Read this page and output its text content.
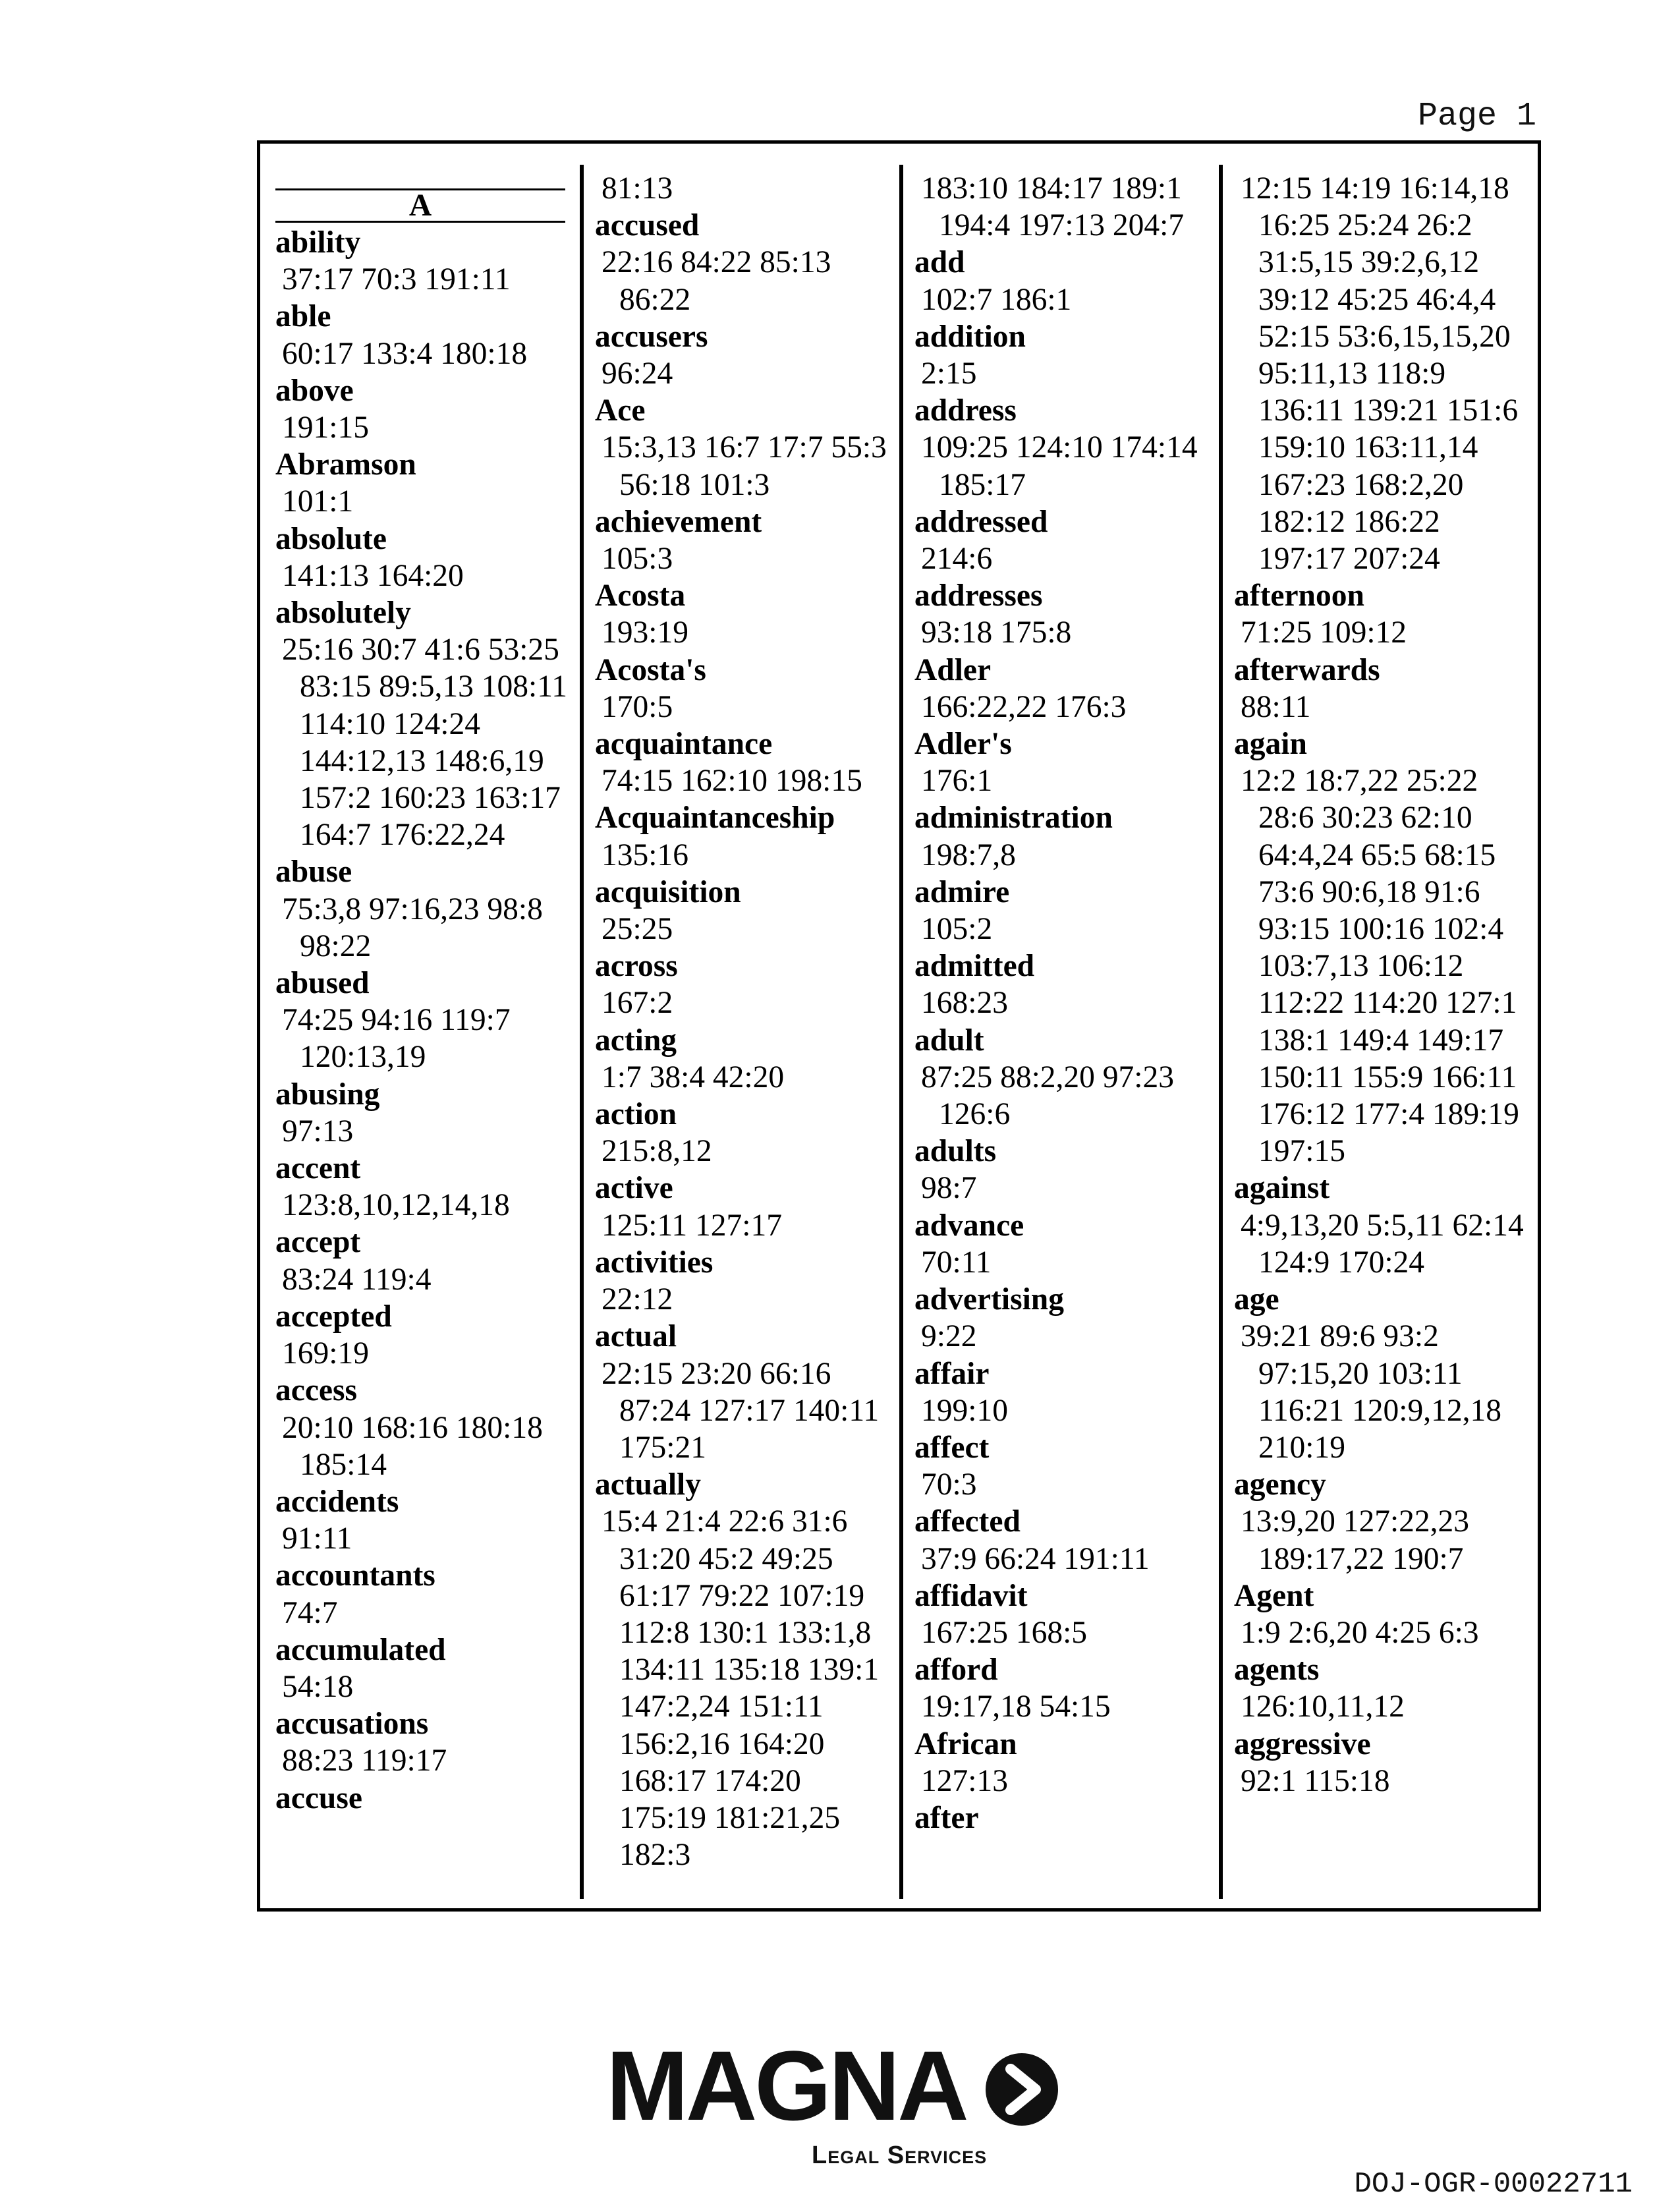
Page 1
A
ability
37:17 70:3 191:11
able
60:17 133:4 180:18
above
191:15
Abramson
101:1
absolute
141:13 164:20
absolutely
25:16 30:7 41:6 53:25 83:15 89:5,13 108:11 114:10 124:24 144:12,13 148:6,19 157:2 160:23 163:17 164:7 176:22,24
abuse
75:3,8 97:16,23 98:8 98:22
abused
74:25 94:16 119:7 120:13,19
abusing
97:13
accent
123:8,10,12,14,18
accept
83:24 119:4
accepted
169:19
access
20:10 168:16 180:18 185:14
accidents
91:11
accountants
74:7
accumulated
54:18
accusations
88:23 119:17
accuse
81:13
accused
22:16 84:22 85:13 86:22
accusers
96:24
Ace
15:3,13 16:7 17:7 55:3 56:18 101:3
achievement
105:3
Acosta
193:19
Acosta's
170:5
acquaintance
74:15 162:10 198:15
Acquaintanceship
135:16
acquisition
25:25
across
167:2
acting
1:7 38:4 42:20
action
215:8,12
active
125:11 127:17
activities
22:12
actual
22:15 23:20 66:16 87:24 127:17 140:11 175:21
actually
15:4 21:4 22:6 31:6 31:20 45:2 49:25 61:17 79:22 107:19 112:8 130:1 133:1,8 134:11 135:18 139:1 147:2,24 151:11 156:2,16 164:20 168:17 174:20 175:19 181:21,25 182:3
183:10 184:17 189:1 194:4 197:13 204:7
add
102:7 186:1
addition
2:15
address
109:25 124:10 174:14 185:17
addressed
214:6
addresses
93:18 175:8
Adler
166:22,22 176:3
Adler's
176:1
administration
198:7,8
admire
105:2
admitted
168:23
adult
87:25 88:2,20 97:23 126:6
adults
98:7
advance
70:11
advertising
9:22
affair
199:10
affect
70:3
affected
37:9 66:24 191:11
affidavit
167:25 168:5
afford
19:17,18 54:15
African
127:13
after
12:15 14:19 16:14,18 16:25 25:24 26:2 31:5,15 39:2,6,12 39:12 45:25 46:4,4 52:15 53:6,15,15,20 95:11,13 118:9 136:11 139:21 151:6 159:10 163:11,14 167:23 168:2,20 182:12 186:22 197:17 207:24
afternoon
71:25 109:12
afterwards
88:11
again
12:2 18:7,22 25:22 28:6 30:23 62:10 64:4,24 65:5 68:15 73:6 90:6,18 91:6 93:15 100:16 102:4 103:7,13 106:12 112:22 114:20 127:1 138:1 149:4 149:17 150:11 155:9 166:11 176:12 177:4 189:19 197:15
against
4:9,13,20 5:5,11 62:14 124:9 170:24
age
39:21 89:6 93:2 97:15,20 103:11 116:21 120:9,12,18 210:19
agency
13:9,20 127:22,23 189:17,22 190:7
Agent
1:9 2:6,20 4:25 6:3
agents
126:10,11,12
aggressive
92:1 115:18
MAGNA
Legal Services
DOJ-OGR-00022711
